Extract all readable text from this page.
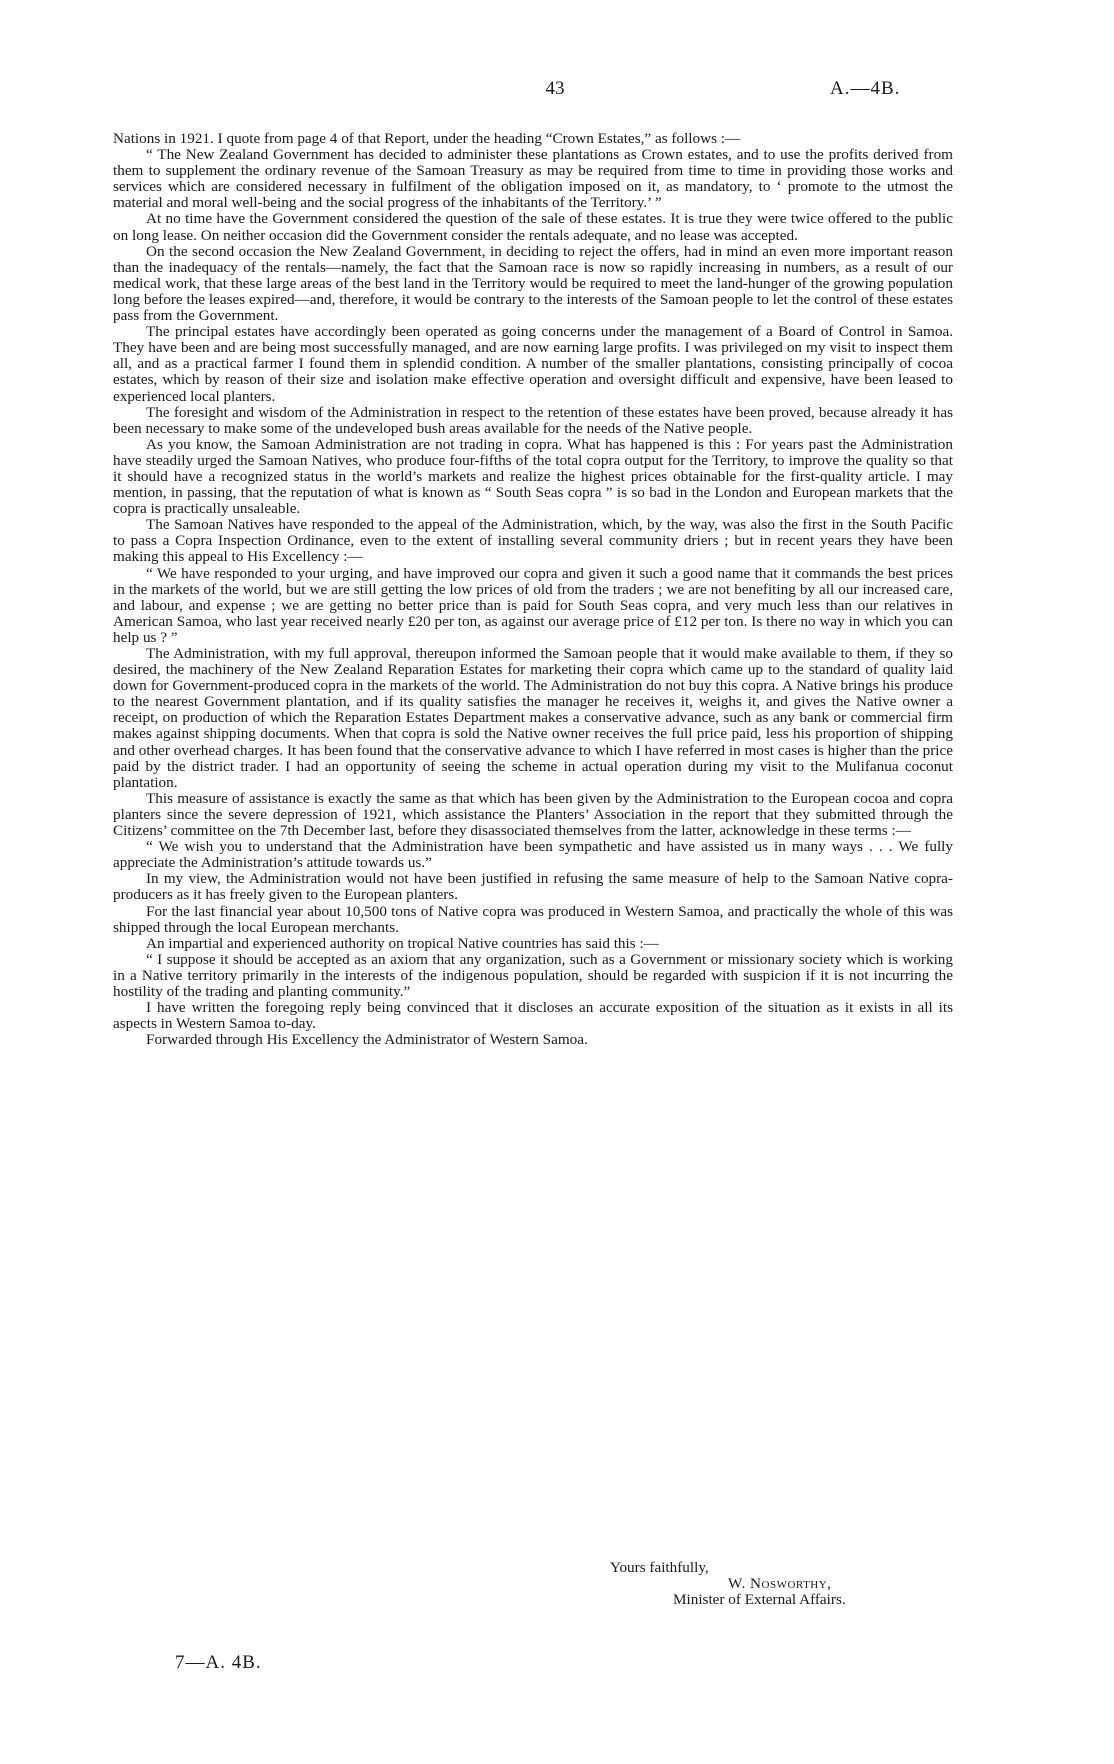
43	A.—4B.

Nations in 1921. I quote from page 4 of that Report, under the heading “Crown Estates,” as follows :—

“ The New Zealand Government has decided to administer these plantations as Crown estates, and to use the profits derived from them to supplement the ordinary revenue of the Samoan Treasury as may be required from time to time in providing those works and services which are considered necessary in fulfilment of the obligation imposed on it, as mandatory, to ‘ promote to the utmost the material and moral well-being and the social progress of the inhabitants of the Territory.’ ”

At no time have the Government considered the question of the sale of these estates. It is true they were twice offered to the public on long lease. On neither occasion did the Government consider the rentals adequate, and no lease was accepted.

On the second occasion the New Zealand Government, in deciding to reject the offers, had in mind an even more important reason than the inadequacy of the rentals—namely, the fact that the Samoan race is now so rapidly increasing in numbers, as a result of our medical work, that these large areas of the best land in the Territory would be required to meet the land-hunger of the growing population long before the leases expired—and, therefore, it would be contrary to the interests of the Samoan people to let the control of these estates pass from the Government.

The principal estates have accordingly been operated as going concerns under the management of a Board of Control in Samoa. They have been and are being most successfully managed, and are now earning large profits. I was privileged on my visit to inspect them all, and as a practical farmer I found them in splendid condition. A number of the smaller plantations, consisting principally of cocoa estates, which by reason of their size and isolation make effective operation and oversight difficult and expensive, have been leased to experienced local planters.

The foresight and wisdom of the Administration in respect to the retention of these estates have been proved, because already it has been necessary to make some of the undeveloped bush areas available for the needs of the Native people.

As you know, the Samoan Administration are not trading in copra. What has happened is this : For years past the Administration have steadily urged the Samoan Natives, who produce four-fifths of the total copra output for the Territory, to improve the quality so that it should have a recognized status in the world’s markets and realize the highest prices obtainable for the first-quality article. I may mention, in passing, that the reputation of what is known as “ South Seas copra ” is so bad in the London and European markets that the copra is practically unsaleable.

The Samoan Natives have responded to the appeal of the Administration, which, by the way, was also the first in the South Pacific to pass a Copra Inspection Ordinance, even to the extent of installing several community driers ; but in recent years they have been making this appeal to His Excellency :—

“ We have responded to your urging, and have improved our copra and given it such a good name that it commands the best prices in the markets of the world, but we are still getting the low prices of old from the traders ; we are not benefiting by all our increased care, and labour, and expense ; we are getting no better price than is paid for South Seas copra, and very much less than our relatives in American Samoa, who last year received nearly £20 per ton, as against our average price of £12 per ton. Is there no way in which you can help us ? ”

The Administration, with my full approval, thereupon informed the Samoan people that it would make available to them, if they so desired, the machinery of the New Zealand Reparation Estates for marketing their copra which came up to the standard of quality laid down for Government-produced copra in the markets of the world. The Administration do not buy this copra. A Native brings his produce to the nearest Government plantation, and if its quality satisfies the manager he receives it, weighs it, and gives the Native owner a receipt, on production of which the Reparation Estates Department makes a conservative advance, such as any bank or commercial firm makes against shipping documents. When that copra is sold the Native owner receives the full price paid, less his proportion of shipping and other overhead charges. It has been found that the conservative advance to which I have referred in most cases is higher than the price paid by the district trader. I had an opportunity of seeing the scheme in actual operation during my visit to the Mulifanua coconut plantation.

This measure of assistance is exactly the same as that which has been given by the Administration to the European cocoa and copra planters since the severe depression of 1921, which assistance the Planters’ Association in the report that they submitted through the Citizens’ committee on the 7th December last, before they disassociated themselves from the latter, acknowledge in these terms :—

“ We wish you to understand that the Administration have been sympathetic and have assisted us in many ways . . . We fully appreciate the Administration’s attitude towards us.”

In my view, the Administration would not have been justified in refusing the same measure of help to the Samoan Native copra-producers as it has freely given to the European planters.

For the last financial year about 10,500 tons of Native copra was produced in Western Samoa, and practically the whole of this was shipped through the local European merchants.

An impartial and experienced authority on tropical Native countries has said this :—

“ I suppose it should be accepted as an axiom that any organization, such as a Government or missionary society which is working in a Native territory primarily in the interests of the indigenous population, should be regarded with suspicion if it is not incurring the hostility of the trading and planting community.”

I have written the foregoing reply being convinced that it discloses an accurate exposition of the situation as it exists in all its aspects in Western Samoa to-day.

Forwarded through His Excellency the Administrator of Western Samoa.

Yours faithfully,
W. Nosworthy,
Minister of External Affairs.
7—A. 4B.
